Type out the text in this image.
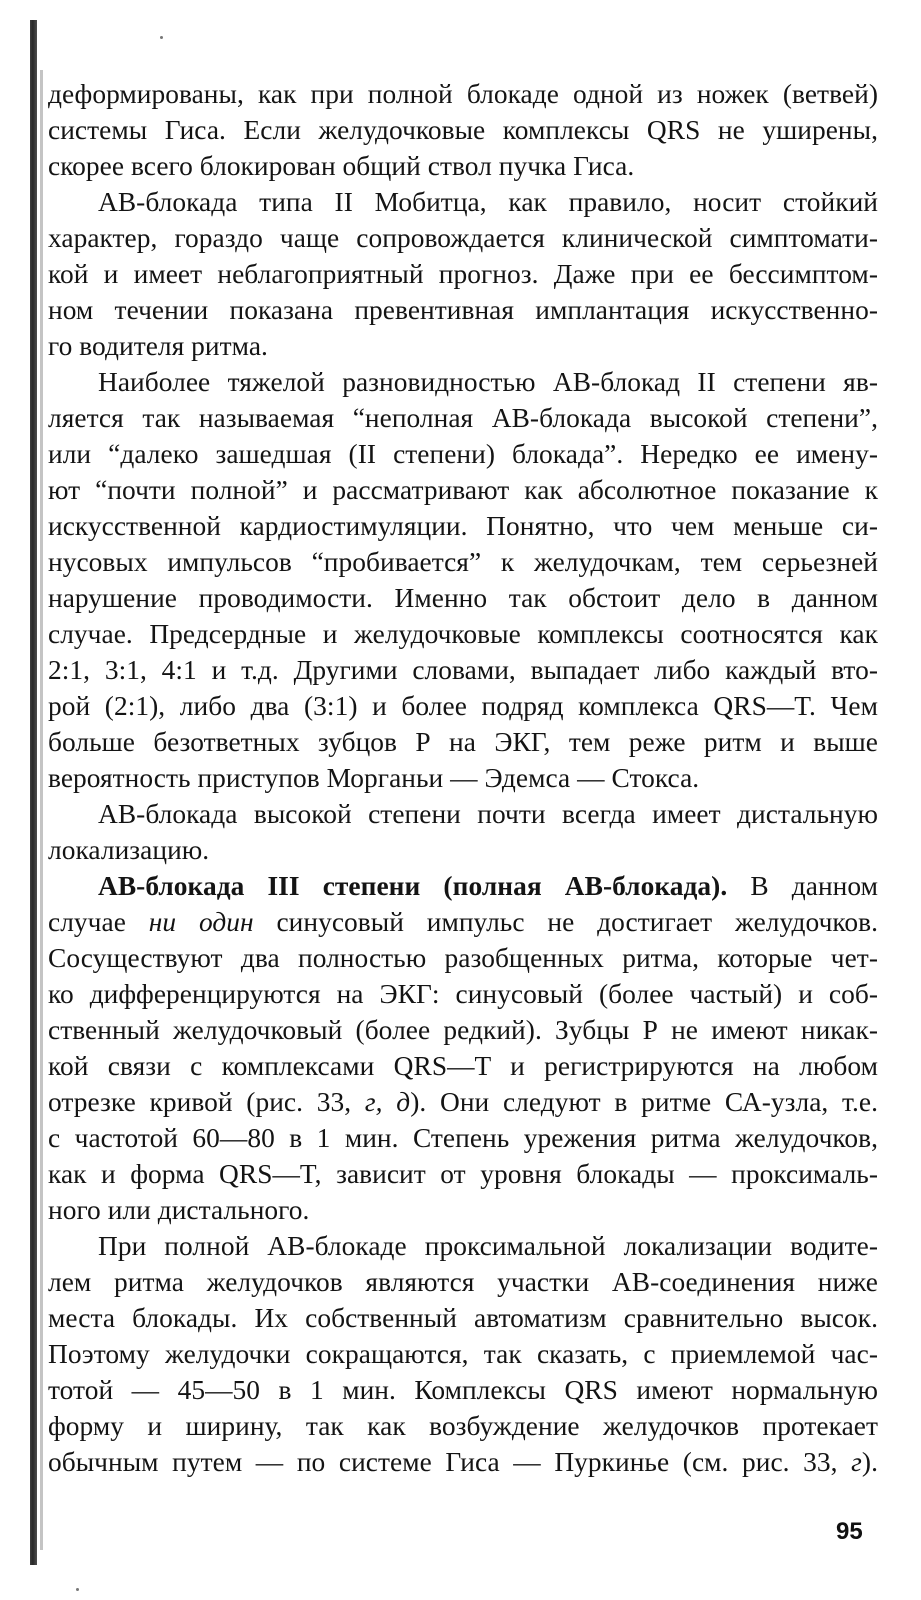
деформированы, как при полной блокаде одной из ножек (ветвей)
системы Гиса. Если желудочковые комплексы QRS не уширены,
скорее всего блокирован общий ствол пучка Гиса.
АВ-блокада типа II Мобитца, как правило, носит стойкий
характер, гораздо чаще сопровождается клинической симптомати-
кой и имеет неблагоприятный прогноз. Даже при ее бессимптом-
ном течении показана превентивная имплантация искусственно-
го водителя ритма.
Наиболее тяжелой разновидностью АВ-блокад II степени яв-
ляется так называемая “неполная АВ-блокада высокой степени”,
или “далеко зашедшая (II степени) блокада”. Нередко ее имену-
ют “почти полной” и рассматривают как абсолютное показание к
искусственной кардиостимуляции. Понятно, что чем меньше си-
нусовых импульсов “пробивается” к желудочкам, тем серьезней
нарушение проводимости. Именно так обстоит дело в данном
случае. Предсердные и желудочковые комплексы соотносятся как
2:1, 3:1, 4:1 и т.д. Другими словами, выпадает либо каждый вто-
рой (2:1), либо два (3:1) и более подряд комплекса QRS—T. Чем
больше безответных зубцов Р на ЭКГ, тем реже ритм и выше
вероятность приступов Морганьи — Эдемса — Стокса.
АВ-блокада высокой степени почти всегда имеет дистальную
локализацию.
АВ-блокада III степени (полная АВ-блокада). В данном
случае ни один синусовый импульс не достигает желудочков.
Сосуществуют два полностью разобщенных ритма, которые чет-
ко дифференцируются на ЭКГ: синусовый (более частый) и соб-
ственный желудочковый (более редкий). Зубцы Р не имеют никак-
кой связи с комплексами QRS—T и регистрируются на любом
отрезке кривой (рис. 33, г, д). Они следуют в ритме СА-узла, т.е.
с частотой 60—80 в 1 мин. Степень урежения ритма желудочков,
как и форма QRS—T, зависит от уровня блокады — проксималь-
ного или дистального.
При полной АВ-блокаде проксимальной локализации водите-
лем ритма желудочков являются участки АВ-соединения ниже
места блокады. Их собственный автоматизм сравнительно высок.
Поэтому желудочки сокращаются, так сказать, с приемлемой час-
тотой — 45—50 в 1 мин. Комплексы QRS имеют нормальную
форму и ширину, так как возбуждение желудочков протекает
обычным путем — по системе Гиса — Пуркинье (см. рис. 33, г).
95
